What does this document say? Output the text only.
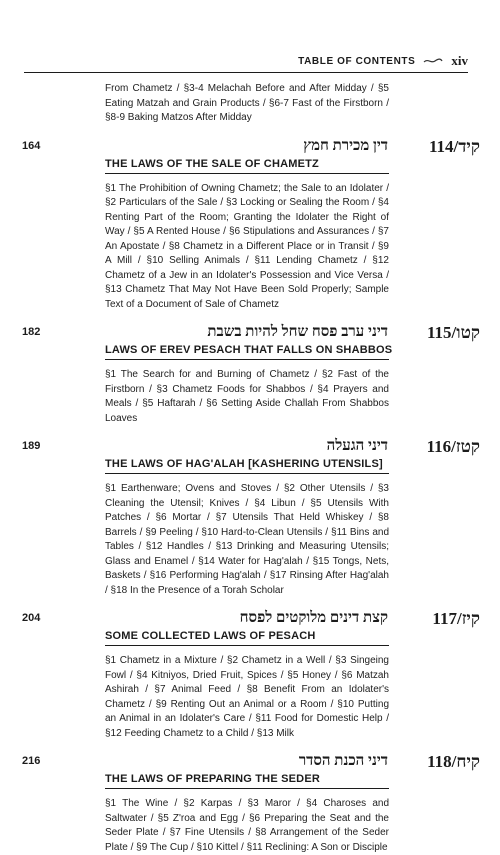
TABLE OF CONTENTS	xiv
From Chametz / §3-4 Melachah Before and After Midday / §5 Eating Matzah and Grain Products / §6-7 Fast of the Firstborn / §8-9 Baking Matzos After Midday
164	דין מכירת חמץ	קיד/114
THE LAWS OF THE SALE OF CHAMETZ
§1 The Prohibition of Owning Chametz; the Sale to an Idolater / §2 Particulars of the Sale / §3 Locking or Sealing the Room / §4 Renting Part of the Room; Granting the Idolater the Right of Way / §5 A Rented House / §6 Stipulations and Assurances / §7 An Apostate / §8 Chametz in a Different Place or in Transit / §9 A Mill / §10 Selling Animals / §11 Lending Chametz / §12 Chametz of a Jew in an Idolater's Possession and Vice Versa / §13 Chametz That May Not Have Been Sold Properly; Sample Text of a Document of Sale of Chametz
182	דיני ערב פסח שחל להיות בשבת	קטו/115
LAWS OF EREV PESACH THAT FALLS ON SHABBOS
§1 The Search for and Burning of Chametz / §2 Fast of the Firstborn / §3 Chametz Foods for Shabbos / §4 Prayers and Meals / §5 Haftarah / §6 Setting Aside Challah From Shabbos Loaves
189	דיני הגעלה	קטז/116
THE LAWS OF HAG'ALAH [KASHERING UTENSILS]
§1 Earthenware; Ovens and Stoves / §2 Other Utensils / §3 Cleaning the Utensil; Knives / §4 Libun / §5 Utensils With Patches / §6 Mortar / §7 Utensils That Held Whiskey / §8 Barrels / §9 Peeling / §10 Hard-to-Clean Utensils / §11 Bins and Tables / §12 Handles / §13 Drinking and Measuring Utensils; Glass and Enamel / §14 Water for Hag'alah / §15 Tongs, Nets, Baskets / §16 Performing Hag'alah / §17 Rinsing After Hag'alah / §18 In the Presence of a Torah Scholar
204	קצת דינים מלוקטים לפסח	קיז/117
SOME COLLECTED LAWS OF PESACH
§1 Chametz in a Mixture / §2 Chametz in a Well / §3 Singeing Fowl / §4 Kitniyos, Dried Fruit, Spices / §5 Honey / §6 Matzah Ashirah / §7 Animal Feed / §8 Benefit From an Idolater's Chametz / §9 Renting Out an Animal or a Room / §10 Putting an Animal in an Idolater's Care / §11 Food for Domestic Help / §12 Feeding Chametz to a Child / §13 Milk
216	דיני הכנת הסדר	קיח/118
THE LAWS OF PREPARING THE SEDER
§1 The Wine / §2 Karpas / §3 Maror / §4 Charoses and Saltwater / §5 Z'roa and Egg / §6 Preparing the Seat and the Seder Plate / §7 Fine Utensils / §8 Arrangement of the Seder Plate / §9 The Cup / §10 Kittel / §11 Reclining: A Son or Disciple
